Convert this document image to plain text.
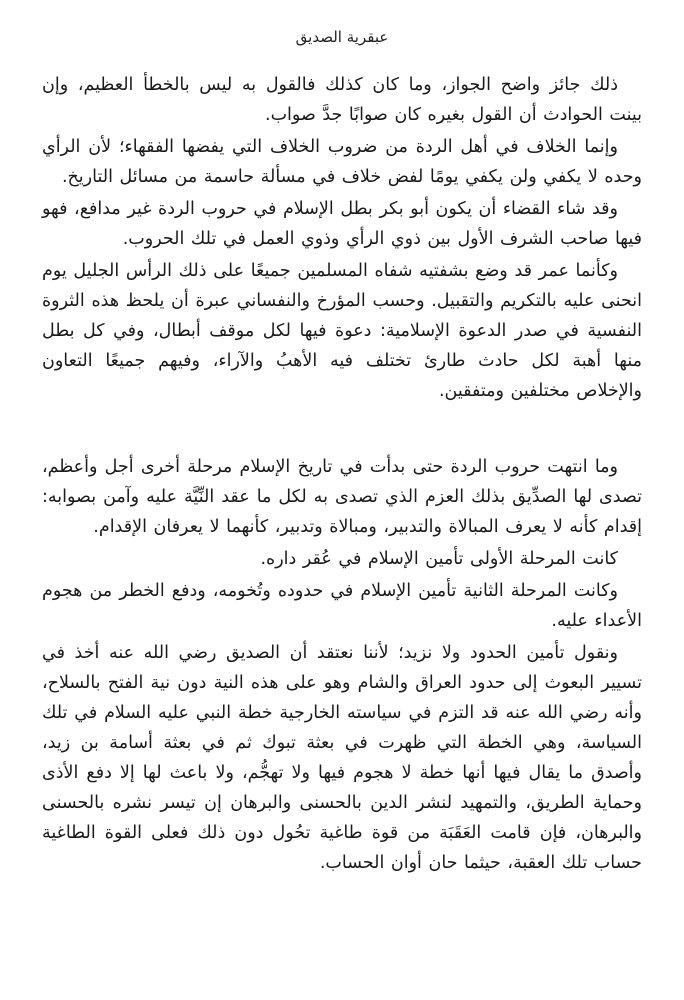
عبقرية الصديق

ذلك جائز واضح الجواز، وما كان كذلك فالقول به ليس بالخطأ العظيم، وإن بينت الحوادث أن القول بغيره كان صوابًا جدَّ صواب.

وإنما الخلاف في أهل الردة من ضروب الخلاف التي يفضها الفقهاء؛ لأن الرأي وحده لا يكفي ولن يكفي يومًا لفض خلاف في مسألة حاسمة من مسائل التاريخ.

وقد شاء القضاء أن يكون أبو بكر بطل الإسلام في حروب الردة غير مدافع، فهو فيها صاحب الشرف الأول بين ذوي الرأي وذوي العمل في تلك الحروب.

وكأنما عمر قد وضع بشفتيه شفاه المسلمين جميعًا على ذلك الرأس الجليل يوم انحنى عليه بالتكريم والتقبيل. وحسب المؤرخ والنفساني عبرة أن يلحظ هذه الثروة النفسية في صدر الدعوة الإسلامية: دعوة فيها لكل موقف أبطال، وفي كل بطل منها أهبة لكل حادث طارئ تختلف فيه الأهبُ والآراء، وفيهم جميعًا التعاون والإخلاص مختلفين ومتفقين.

وما انتهت حروب الردة حتى بدأت في تاريخ الإسلام مرحلة أخرى أجل وأعظم، تصدى لها الصدِّيق بذلك العزم الذي تصدى به لكل ما عقد النِّيَّة عليه وآمن بصوابه: إقدام كأنه لا يعرف المبالاة والتدبير، ومبالاة وتدبير، كأنهما لا يعرفان الإقدام.

كانت المرحلة الأولى تأمين الإسلام في عُقر داره.

وكانت المرحلة الثانية تأمين الإسلام في حدوده وتُخومه، ودفع الخطر من هجوم الأعداء عليه.

ونقول تأمين الحدود ولا نزيد؛ لأننا نعتقد أن الصديق رضي الله عنه أخذ في تسيير البعوث إلى حدود العراق والشام وهو على هذه النية دون نية الفتح بالسلاح، وأنه رضي الله عنه قد التزم في سياسته الخارجية خطة النبي عليه السلام في تلك السياسة، وهي الخطة التي ظهرت في بعثة تبوك ثم في بعثة أسامة بن زيد، وأصدق ما يقال فيها أنها خطة لا هجوم فيها ولا تهجُّم، ولا باعث لها إلا دفع الأذى وحماية الطريق، والتمهيد لنشر الدين بالحسنى والبرهان إن تيسر نشره بالحسنى والبرهان، فإن قامت العَقَبَة من قوة طاغية تحُول دون ذلك فعلى القوة الطاغية حساب تلك العقبة، حيثما حان أوان الحساب.
